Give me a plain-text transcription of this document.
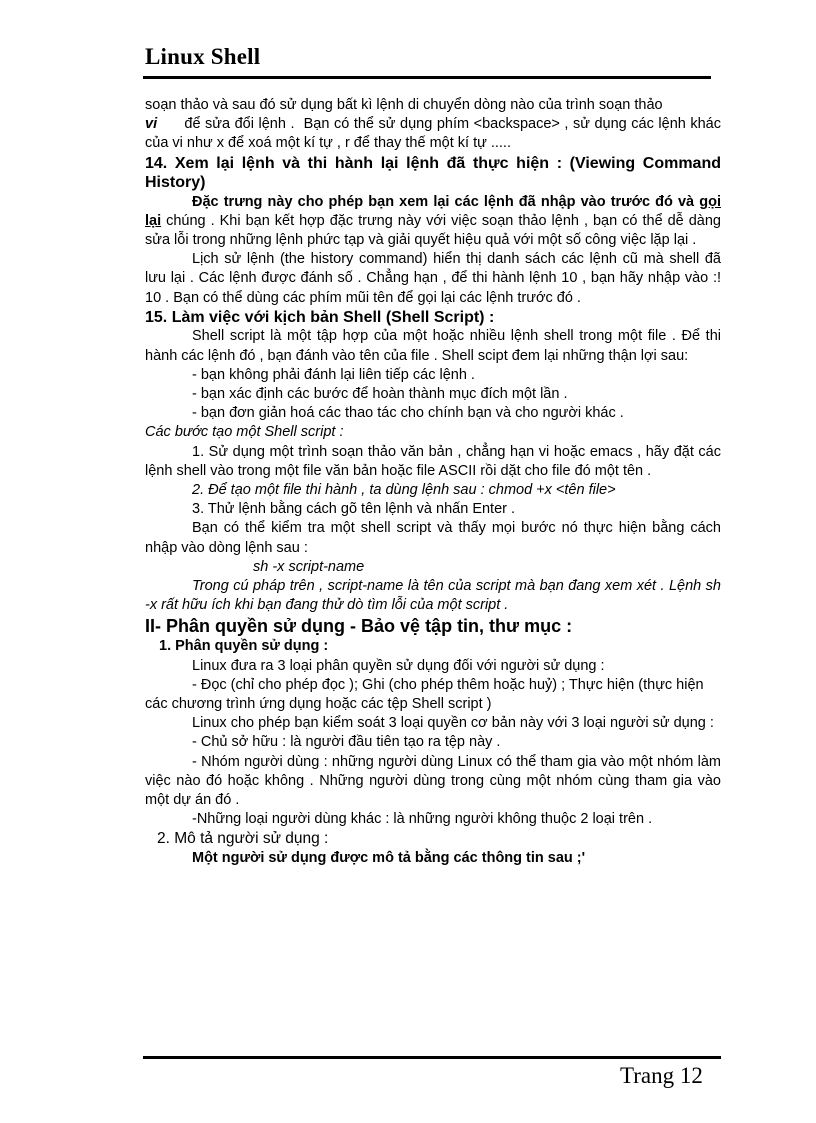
Linux Shell

soạn thảo và sau đó sử dụng bất kì lệnh di chuyển dòng nào của trình soạn thảo
vi      để sửa đổi lệnh .  Bạn có thể sử dụng phím <backspace> , sử dụng các lệnh khác của vi như x để xoá một kí tự , r để thay thế một kí tự .....

14. Xem lại lệnh và thi hành lại lệnh đã thực hiện : (Viewing Command History)

Đặc trưng này cho phép bạn xem lại các lệnh đã nhập vào trước đó và gọi lại chúng . Khi bạn kết hợp đặc trưng này với việc soạn thảo lệnh , bạn có thể dễ dàng sửa lỗi trong những lệnh phức tạp và giải quyết hiệu quả với một số công việc lặp lại .

Lịch sử lệnh (the history command) hiển thị danh sách các lệnh cũ mà shell đã lưu lại . Các lệnh được đánh số . Chẳng hạn , để thi hành lệnh 10 , bạn hãy nhập vào :! 10 . Bạn có thể dùng các phím mũi tên để gọi lại các lệnh trước đó .

15. Làm việc với kịch bản Shell (Shell Script) :

Shell script là một tập hợp của một hoặc nhiều lệnh shell trong một file . Để thi hành các lệnh đó , bạn đánh vào tên của file . Shell scipt đem lại những thận lợi sau:

- bạn không phải đánh lại liên tiếp các lệnh .

- bạn xác định các bước để hoàn thành mục đích một lần .

- bạn đơn giản hoá các thao tác cho chính bạn và cho người khác .

Các bước tạo một Shell script :

1. Sử dụng một trình soạn thảo văn bản , chẳng hạn vi hoặc emacs , hãy đặt các lệnh shell vào trong một file văn bản hoặc file ASCII rồi dặt cho file đó một tên .

2. Để tạo một file thi hành , ta dùng lệnh sau : chmod +x <tên file>

3. Thử lệnh bằng cách gõ tên lệnh và nhấn Enter .

Bạn có thể kiểm tra một shell script và thấy mọi bước nó thực hiện bằng cách nhập vào dòng lệnh sau :

sh -x script-name

Trong cú pháp trên , script-name là tên của script mà bạn đang xem xét . Lệnh sh -x rất hữu ích khi bạn đang thử dò tìm lỗi của một script .

II- Phân quyền sử dụng - Bảo vệ tập tin, thư mục :

1. Phân quyền sử dụng :

Linux đưa ra 3 loại phân quyền sử dụng đối với người sử dụng :

- Đọc (chỉ cho phép đọc ); Ghi (cho phép thêm hoặc huỷ) ; Thực hiện (thực hiện

các chương trình ứng dụng hoặc các tệp Shell script )

Linux cho phép bạn kiểm soát 3 loại quyền cơ bản này với 3 loại người sử dụng :

- Chủ sở hữu : là người đầu tiên tạo ra tệp này .

- Nhóm người dùng : những người dùng Linux có thể tham gia vào một nhóm làm việc nào đó hoặc không . Những người dùng trong cùng một nhóm cùng tham gia vào một dự án đó .

-Những loại người dùng khác : là những người không thuộc 2 loại trên .

2. Mô tả người sử dụng :

Một người sử dụng được mô tả bằng các thông tin sau ;'

Trang 12
